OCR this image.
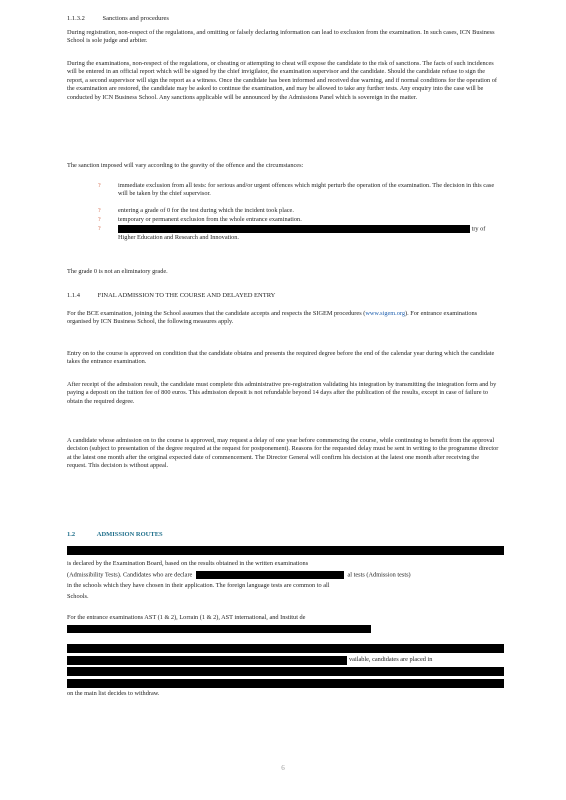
1.1.3.2	Sanctions and procedures

During registration, non-respect of the regulations, and omitting or falsely declaring information can lead to exclusion from the examination. In such cases, ICN Business School is sole judge and arbiter.

During the examinations, non-respect of the regulations, or cheating or attempting to cheat will expose the candidate to the risk of sanctions. The facts of such incidences will be entered in an official report which will be signed by the chief invigilator, the examination supervisor and the candidate. Should the candidate refuse to sign the report, a second supervisor will sign the report as a witness. Once the candidate has been informed and received due warning, and if normal conditions for the operation of the examination are restored, the candidate may be asked to continue the examination, and may be allowed to take any further tests. Any enquiry into the case will be conducted by ICN Business School. Any sanctions applicable will be announced by the Admissions Panel which is sovereign in the matter.

The sanction imposed will vary according to the gravity of the offence and the circumstances:

?	immediate exclusion from all tests: for serious and/or urgent offences which might perturb the operation of the examination. The decision in this case will be taken by the chief supervisor.
?	entering a grade of 0 for the test during which the incident took place.
?	temporary or permanent exclusion from the whole entrance examination.
?	try of Higher Education and Research and Innovation.

The grade 0 is not an eliminatory grade.

1.1.4	FINAL ADMISSION TO THE COURSE AND DELAYED ENTRY

For the BCE examination, joining the School assumes that the candidate accepts and respects the SIGEM procedures (www.sigem.org). For entrance examinations organised by ICN Business School, the following measures apply.

Entry on to the course is approved on condition that the candidate obtains and presents the required degree before the end of the calendar year during which the candidate takes the entrance examination.

After receipt of the admission result, the candidate must complete this administrative pre-registration validating his integration by transmitting the integration form and by paying a deposit on the tuition fee of 800 euros. This admission deposit is not refundable beyond 14 days after the publication of the results, except in case of failure to obtain the required degree.

A candidate whose admission on to the course is approved, may request a delay of one year before commencing the course, while continuing to benefit from the approval decision (subject to presentation of the degree required at the request for postponement). Reasons for the requested delay must be sent in writing to the programme director at the latest one month after the original expected date of commencement. The Director General will confirm his decision at the latest one month after receiving the request. This decision is without appeal.

1.2	ADMISSION ROUTES
is declared by the Examination Board, based on the results obtained in the written examinations
(Admissibility Tests). Candidates who are declare	al tests (Admission tests)
in the schools which they have chosen in their application. The foreign language tests are common to all
Schools.
For the entrance examinations AST (1 & 2), Lorrain (1 & 2), AST international, and Institut de
vailable, candidates are placed in
on the main list decides to withdraw.
6
